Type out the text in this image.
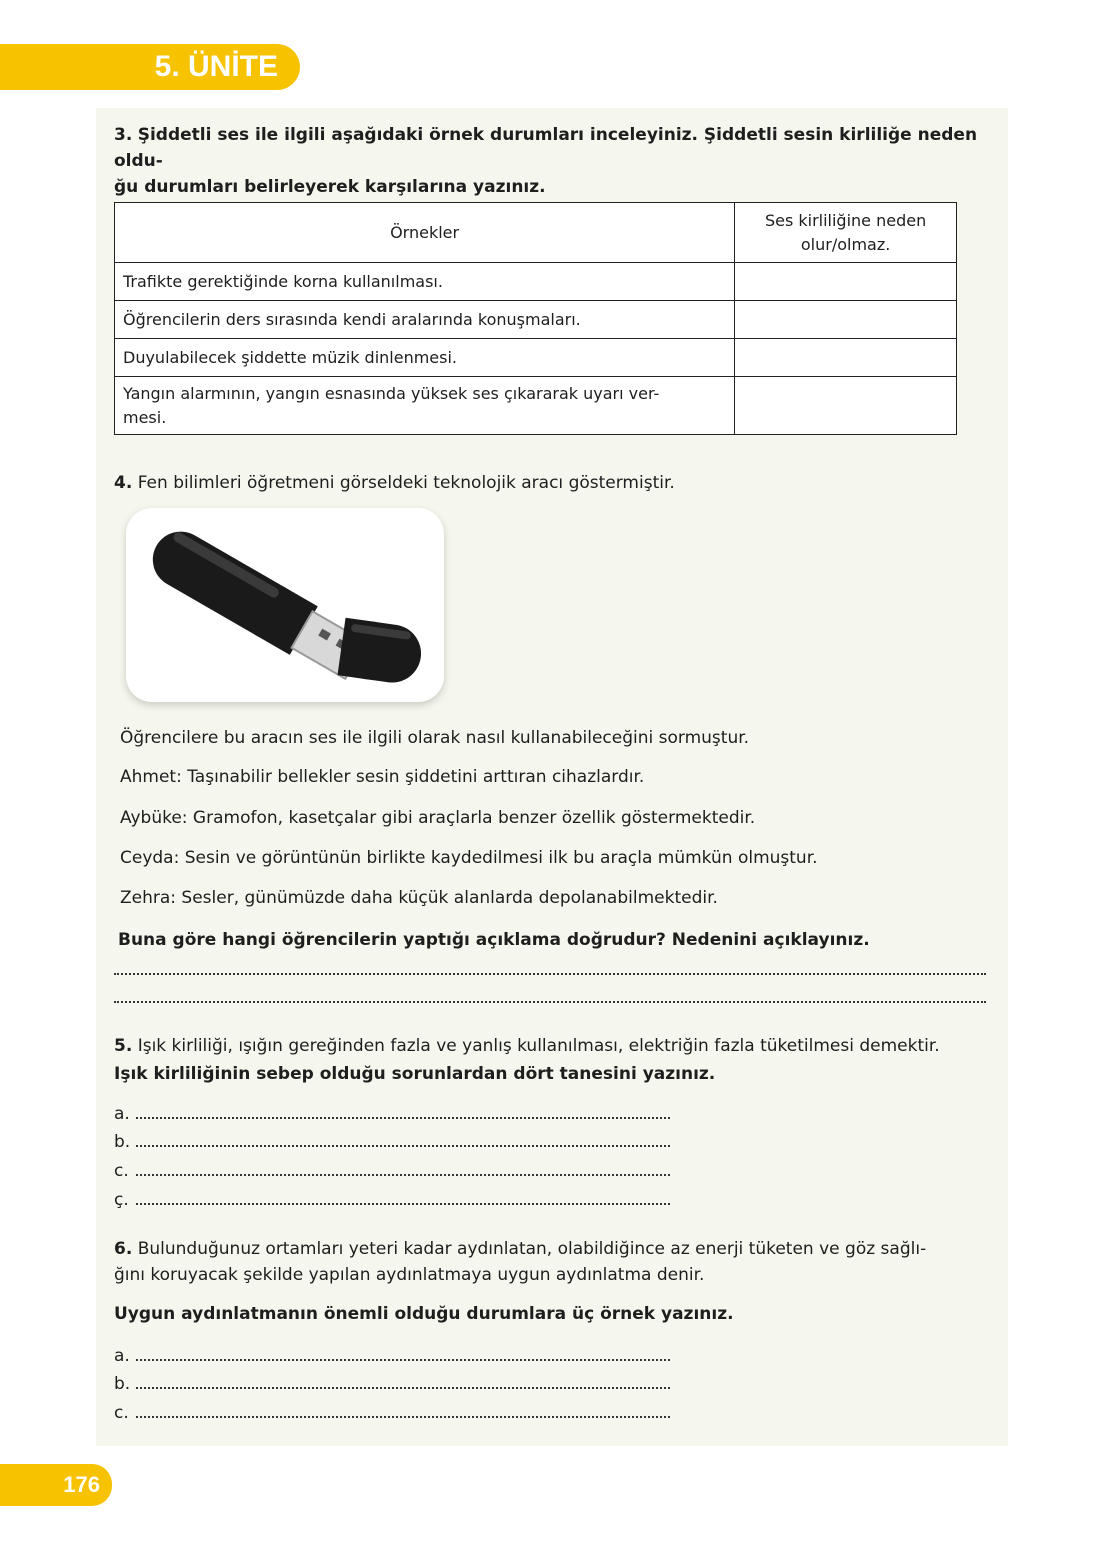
5. ÜNİTE
3. Şiddetli ses ile ilgili aşağıdaki örnek durumları inceleyiniz. Şiddetli sesin kirliliğe neden oldu-
ğu durumları belirleyerek karşılarına yazınız.
Örnekler	Ses kirliliğine neden
olur/olmaz.
Trafikte gerektiğinde korna kullanılması.	
Öğrencilerin ders sırasında kendi aralarında konuşmaları.	
Duyulabilecek şiddette müzik dinlenmesi.	
Yangın alarmının, yangın esnasında yüksek ses çıkararak uyarı ver-
mesi.	
4. Fen bilimleri öğretmeni görseldeki teknolojik aracı göstermiştir.
Öğrencilere bu aracın ses ile ilgili olarak nasıl kullanabileceğini sormuştur.
Ahmet: Taşınabilir bellekler sesin şiddetini arttıran cihazlardır.
Aybüke: Gramofon, kasetçalar gibi araçlarla benzer özellik göstermektedir.
Ceyda: Sesin ve görüntünün birlikte kaydedilmesi ilk bu araçla mümkün olmuştur.
Zehra: Sesler, günümüzde daha küçük alanlarda depolanabilmektedir.
Buna göre hangi öğrencilerin yaptığı açıklama doğrudur? Nedenini açıklayınız.
5. Işık kirliliği, ışığın gereğinden fazla ve yanlış kullanılması, elektriğin fazla tüketilmesi demektir.
Işık kirliliğinin sebep olduğu sorunlardan dört tanesini yazınız.
a.
b.
c.
ç.
6. Bulunduğunuz ortamları yeteri kadar aydınlatan, olabildiğince az enerji tüketen ve göz sağlı-
ğını koruyacak şekilde yapılan aydınlatmaya uygun aydınlatma denir.
Uygun aydınlatmanın önemli olduğu durumlara üç örnek yazınız.
a.
b.
c.
176
